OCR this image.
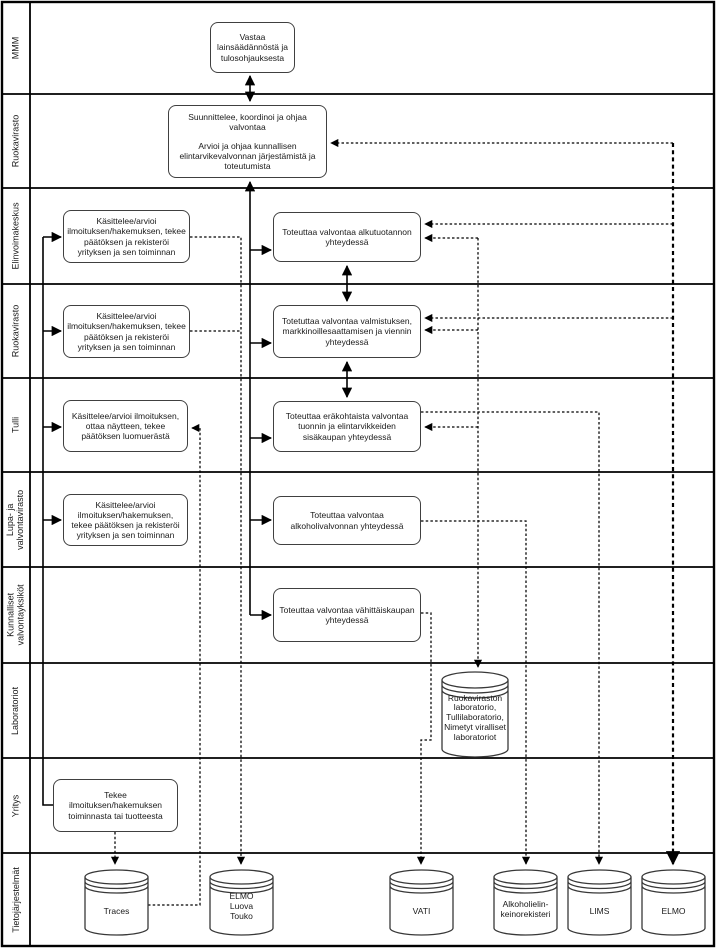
MMM
Ruokavirasto
Elinvoimakeskus
Ruokavirasto
Tulli
Lupa- ja valvontavirasto
Kunnalliset valvontayksiköt
Laboratoriot
Yritys
Tietojärjestelmät
Vastaa lainsäädännöstä ja tulosohjauksesta
Suunnittelee, koordinoi ja ohjaa valvontaa
Arvioi ja ohjaa kunnallisen elintarvikevalvonnan järjestämistä ja toteutumista
Käsittelee/arvioi ilmoituksen/hakemuksen, tekee päätöksen ja rekisteröi yrityksen ja sen toiminnan
Toteuttaa valvontaa alkutuotannon yhteydessä
Käsittelee/arvioi ilmoituksen/hakemuksen, tekee päätöksen ja rekisteröi yrityksen ja sen toiminnan
Totetuttaa valvontaa valmistuksen, markkinoillesaattamisen ja viennin yhteydessä
Käsittelee/arvioi ilmoituksen, ottaa näytteen, tekee päätöksen luomuerästä
Toteuttaa eräkohtaista valvontaa tuonnin ja elintarvikkeiden sisäkaupan yhteydessä
Käsittelee/arvioi ilmoituksen/hakemuksen, tekee päätöksen ja rekisteröi yrityksen ja sen toiminnan
Toteuttaa valvontaa alkoholivalvonnan yhteydessä
Toteuttaa valvontaa vähittäiskaupan yhteydessä
Tekee ilmoituksen/hakemuksen toiminnasta tai tuotteesta
Ruokaviraston laboratorio, Tullilaboratorio, Nimetyt viralliset laboratoriot
Traces
ELMO Luova Touko	VATI
Alkoholielin-keinorekisteri	LIMS	ELMO
